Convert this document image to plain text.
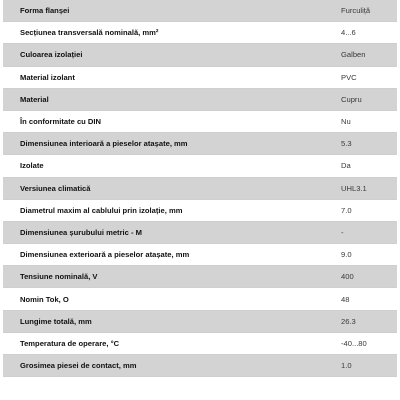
Forma flanșei	Furculiță
Secțiunea transversală nominală, mm²	4...6
Culoarea izolației	Galben
Material izolant	PVC
Material	Cupru
În conformitate cu DIN	Nu
Dimensiunea interioară a pieselor atașate, mm	5.3
Izolate	Da
Versiunea climatică	UHL3.1
Diametrul maxim al cablului prin izolație, mm	7.0
Dimensiunea șurubului metric - M	-
Dimensiunea exterioară a pieselor atașate, mm	9.0
Tensiune nominală, V	400
Nomin Tok, O	48
Lungime totală, mm	26.3
Temperatura de operare, °C	-40...80
Grosimea piesei de contact, mm	1.0
